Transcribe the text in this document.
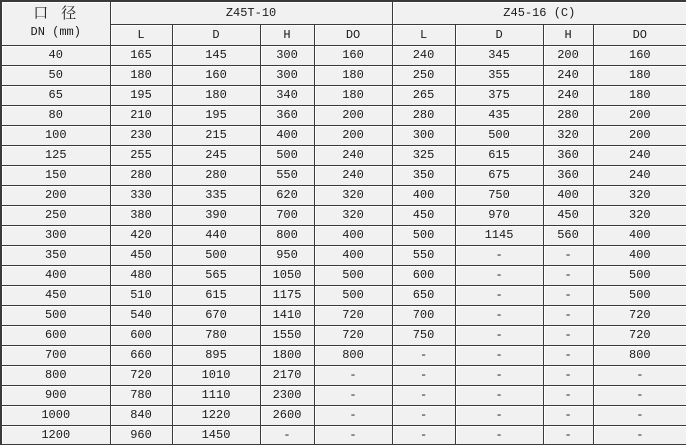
口 径
DN (mm)	Z45T-10				Z45-16 (C)			
	L	D	H	DO	L	D	H	DO
40	165	145	300	160	240	345	200	160
50	180	160	300	180	250	355	240	180
65	195	180	340	180	265	375	240	180
80	210	195	360	200	280	435	280	200
100	230	215	400	200	300	500	320	200
125	255	245	500	240	325	615	360	240
150	280	280	550	240	350	675	360	240
200	330	335	620	320	400	750	400	320
250	380	390	700	320	450	970	450	320
300	420	440	800	400	500	1145	560	400
350	450	500	950	400	550	-	-	400
400	480	565	1050	500	600	-	-	500
450	510	615	1175	500	650	-	-	500
500	540	670	1410	720	700	-	-	720
600	600	780	1550	720	750	-	-	720
700	660	895	1800	800	-	-	-	800
800	720	1010	2170	-	-	-	-	-
900	780	1110	2300	-	-	-	-	-
1000	840	1220	2600	-	-	-	-	-
1200	960	1450	-	-	-	-	-	-
